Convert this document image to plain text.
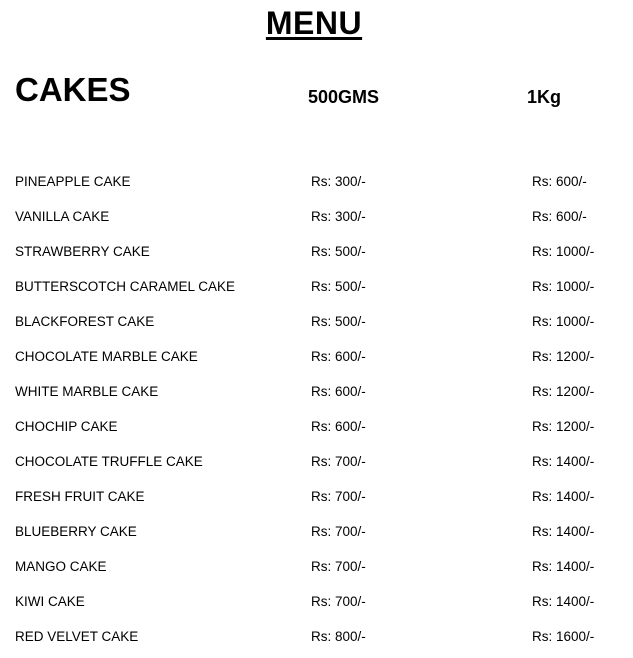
MENU
CAKES	500GMS	1Kg
PINEAPPLE CAKE	Rs: 300/-	Rs: 600/-
VANILLA CAKE	Rs: 300/-	Rs: 600/-
STRAWBERRY CAKE	Rs: 500/-	Rs: 1000/-
BUTTERSCOTCH CARAMEL CAKE	Rs: 500/-	Rs: 1000/-
BLACKFOREST CAKE	Rs: 500/-	Rs: 1000/-
CHOCOLATE MARBLE CAKE	Rs: 600/-	Rs: 1200/-
WHITE MARBLE CAKE	Rs: 600/-	Rs: 1200/-
CHOCHIP CAKE	Rs: 600/-	Rs: 1200/-
CHOCOLATE TRUFFLE CAKE	Rs: 700/-	Rs: 1400/-
FRESH FRUIT CAKE	Rs: 700/-	Rs: 1400/-
BLUEBERRY CAKE	Rs: 700/-	Rs: 1400/-
MANGO CAKE	Rs: 700/-	Rs: 1400/-
KIWI CAKE	Rs: 700/-	Rs: 1400/-
RED VELVET CAKE	Rs: 800/-	Rs: 1600/-
